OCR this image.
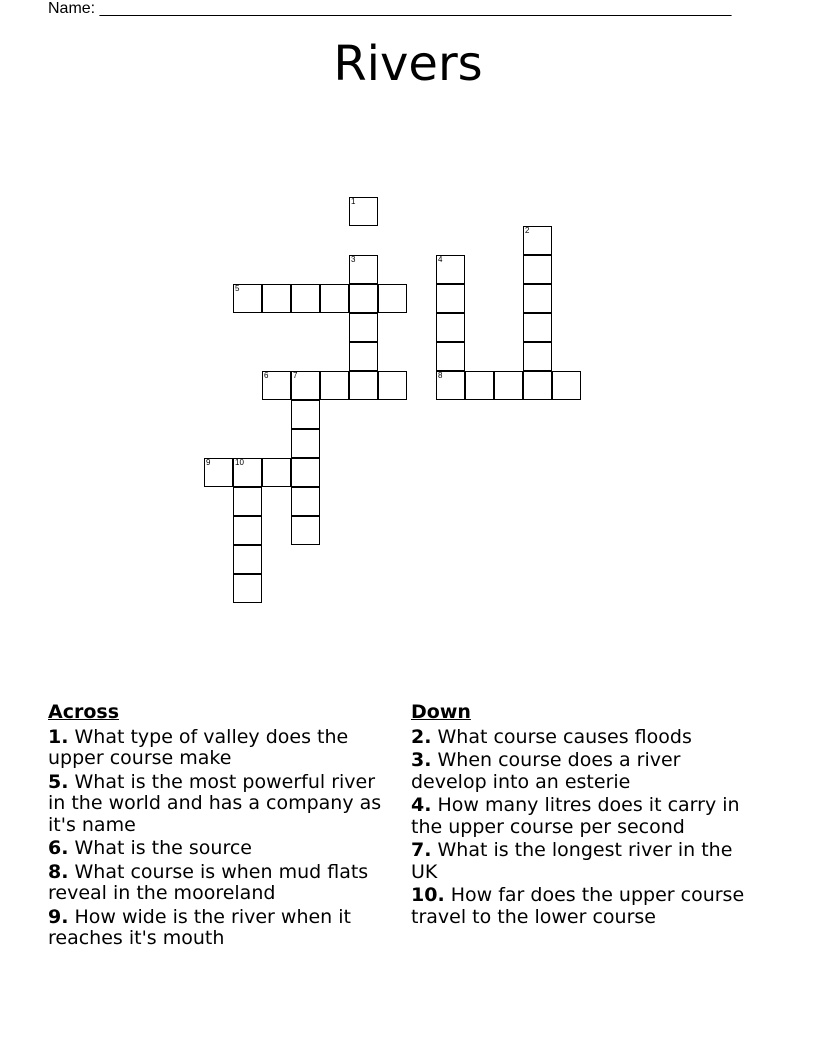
Name: _______________________________________________________________________
Rivers
1
2
3	4
8
5
6	7
9	10
Across
1. What type of valley does the upper course make
5. What is the most powerful river in the world and has a company as it's name
6. What is the source
8. What course is when mud flats reveal in the mooreland
9. How wide is the river when it reaches it's mouth
Down
2. What course causes floods
3. When course does a river develop into an esterie
4. How many litres does it carry in the upper course per second
7. What is the longest river in the UK
10. How far does the upper course travel to the lower course
